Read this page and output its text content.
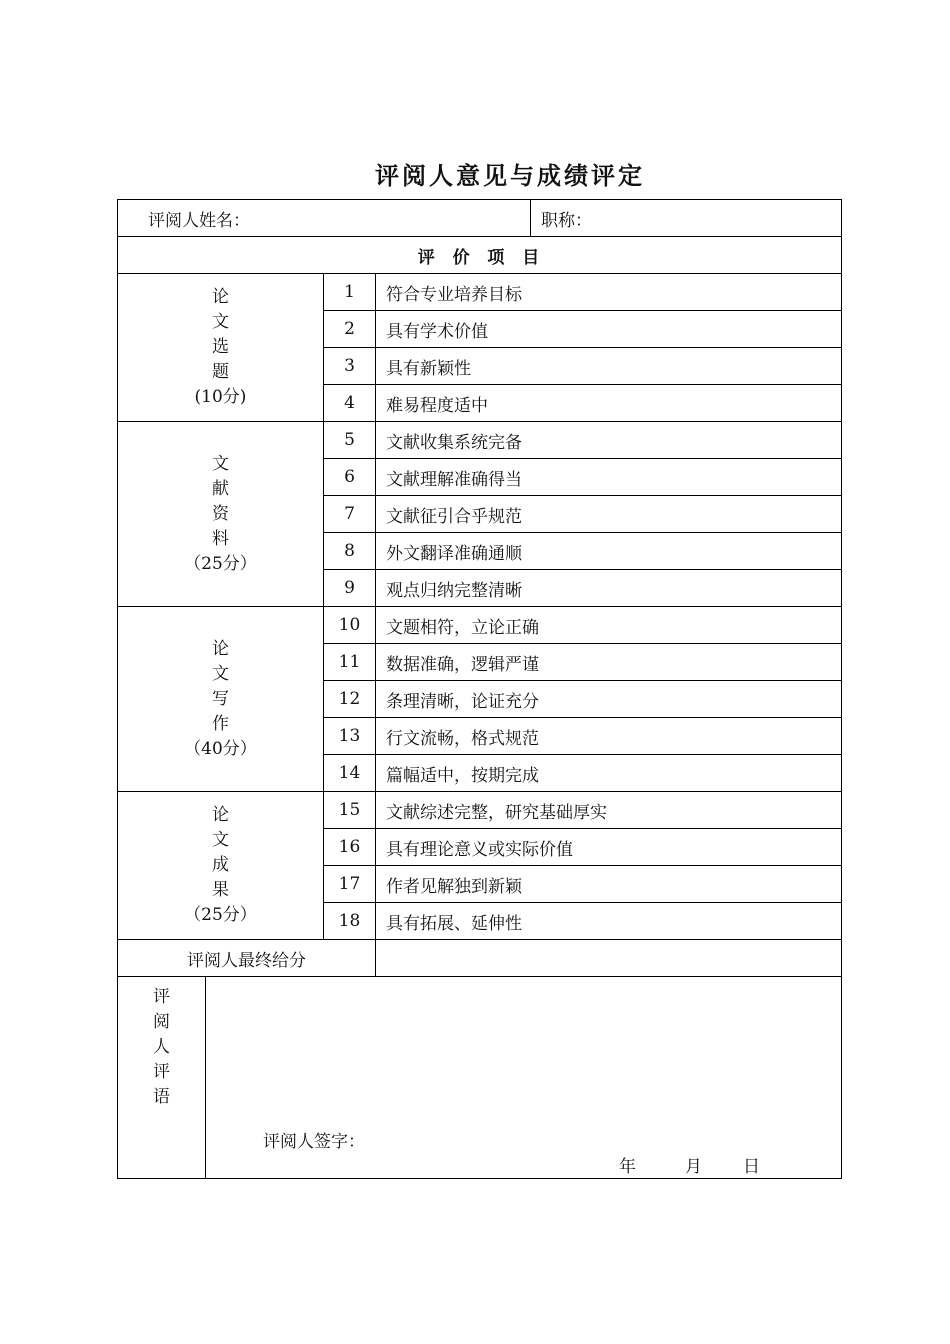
评阅人意见与成绩评定
评阅人姓名：				职称：
评  价  项  目				

论
文
选
题
(10分)		1	符合专业培养目标	
		2	具有学术价值	
		3	具有新颖性	
		4	难易程度适中	

文
献
资
料
（25分）		5	文献收集系统完备	
		6	文献理解准确得当	
		7	文献征引合乎规范	
		8	外文翻译准确通顺	
		9	观点归纳完整清晰	

论
文
写
作
（40分）		10	文题相符，立论正确	
		11	数据准确，逻辑严谨	
		12	条理清晰，论证充分	
		13	行文流畅，格式规范	
		14	篇幅适中，按期完成	

论
文
成
果
（25分）		15	文献综述完整，研究基础厚实	
		16	具有理论意义或实际价值	
		17	作者见解独到新颖	
		18	具有拓展、延伸性	
评阅人最终给分				

评
阅
人
评
语	评阅人签字：
年 月 日			
